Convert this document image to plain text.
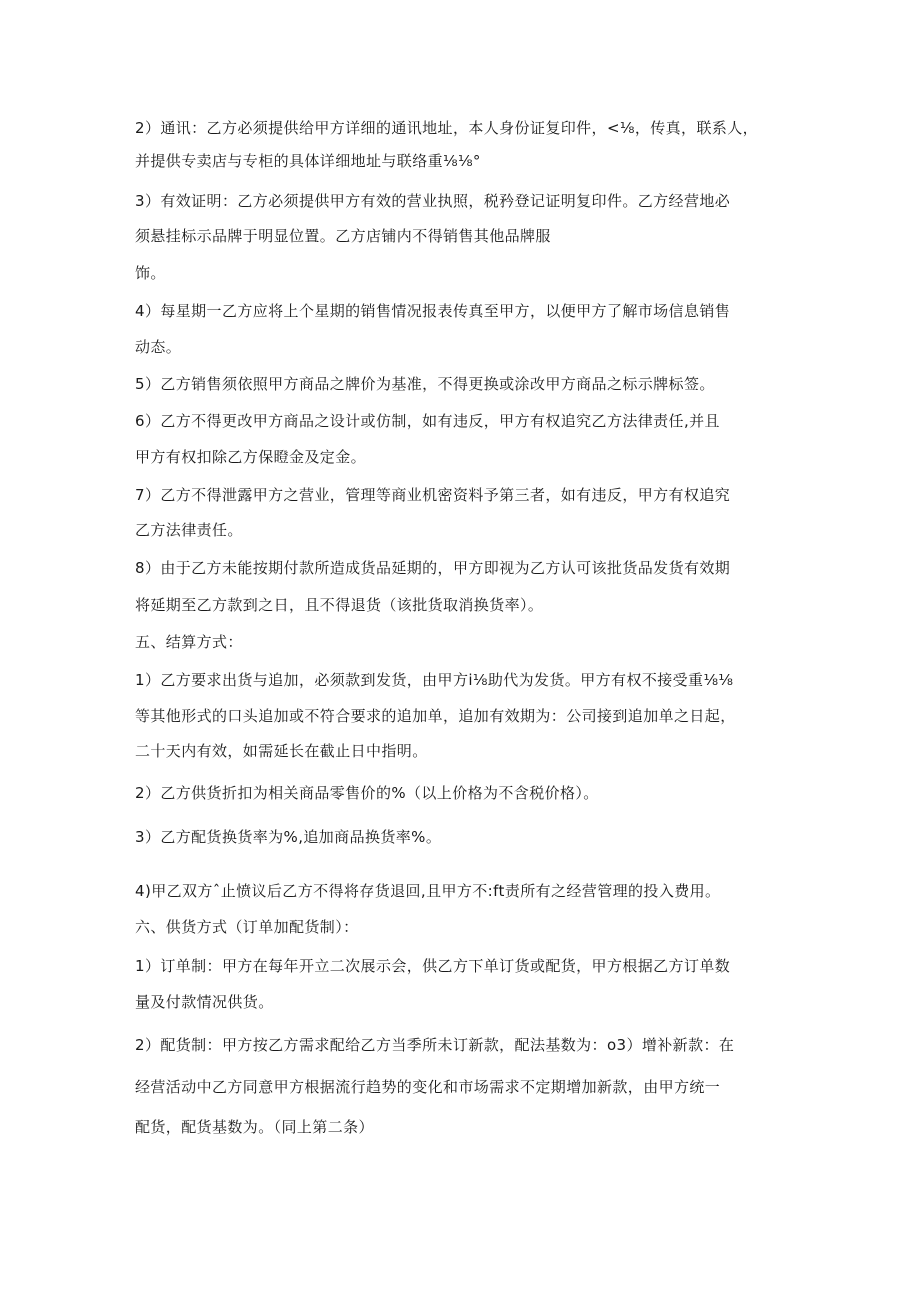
2）通讯：乙方必须提供给甲方详细的通讯地址，本人身份证复印件，<⅛，传真，联系人，
并提供专卖店与专柜的具体详细地址与联络重⅛⅛°
3）有效证明：乙方必须提供甲方有效的营业执照，税矜登记证明复印件。乙方经营地必
须悬挂标示品牌于明显位置。乙方店铺内不得销售其他品牌服
饰。
4）每星期一乙方应将上个星期的销售情况报表传真至甲方，以便甲方了解市场信息销售
动态。
5）乙方销售须依照甲方商品之牌价为基准，不得更换或涂改甲方商品之标示牌标签。
6）乙方不得更改甲方商品之设计或仿制，如有违反，甲方有权追究乙方法律责任,并且
甲方有权扣除乙方保瞪金及定金。
7）乙方不得泄露甲方之营业，管理等商业机密资料予第三者，如有违反，甲方有权追究
乙方法律责任。
8）由于乙方未能按期付款所造成货品延期的，甲方即视为乙方认可该批货品发货有效期
将延期至乙方款到之日，且不得退货（该批货取消换货率）。
五、结算方式：
1）乙方要求出货与追加，必须款到发货，由甲方i⅛助代为发货。甲方有权不接受重⅛⅛
等其他形式的口头追加或不符合要求的追加单，追加有效期为：公司接到追加单之日起，
二十天内有效，如需延长在截止日中指明。
2）乙方供货折扣为相关商品零售价的%（以上价格为不含税价格）。
3）乙方配货换货率为%,追加商品换货率%。
4)甲乙双方ˆ止愤议后乙方不得将存货退回,且甲方不:ft责所有之经营管理的投入费用。
六、供货方式（订单加配货制）：
1）订单制：甲方在每年开立二次展示会，供乙方下单订货或配货，甲方根据乙方订单数
量及付款情况供货。
2）配货制：甲方按乙方需求配给乙方当季所未订新款，配法基数为：o3）增补新款：在
经营活动中乙方同意甲方根据流行趋势的变化和市场需求不定期增加新款，由甲方统一
配货，配货基数为。（同上第二条）
